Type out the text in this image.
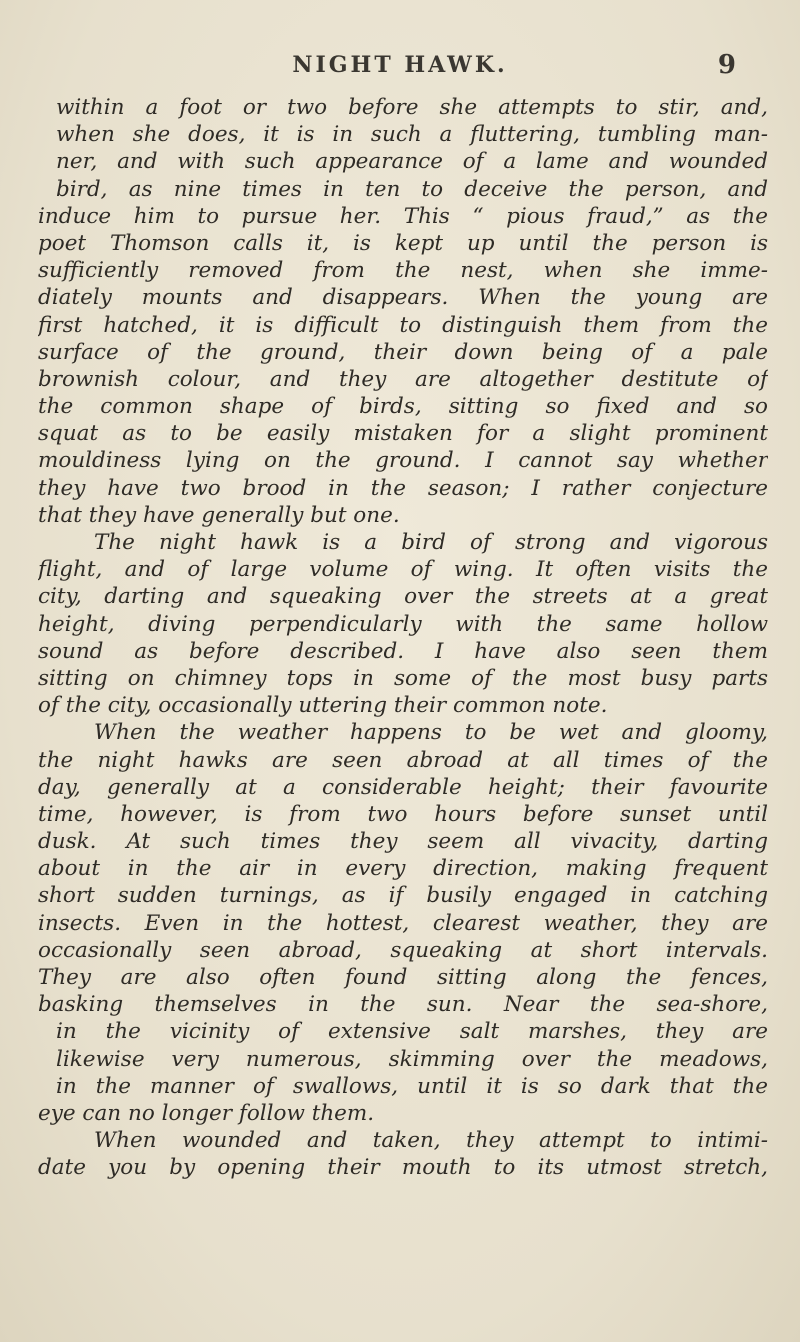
NIGHT HAWK.	9
within a foot or two before she attempts to stir, and,
when she does, it is in such a fluttering, tumbling man-
ner, and with such appearance of a lame and wounded
bird, as nine times in ten to deceive the person, and
induce him to pursue her. This “ pious fraud,” as the
poet Thomson calls it, is kept up until the person is
sufficiently removed from the nest, when she imme-
diately mounts and disappears. When the young are
first hatched, it is difficult to distinguish them from the
surface of the ground, their down being of a pale
brownish colour, and they are altogether destitute of
the common shape of birds, sitting so fixed and so
squat as to be easily mistaken for a slight prominent
mouldiness lying on the ground. I cannot say whether
they have two brood in the season; I rather conjecture
that they have generally but one.
The night hawk is a bird of strong and vigorous
flight, and of large volume of wing. It often visits the
city, darting and squeaking over the streets at a great
height, diving perpendicularly with the same hollow
sound as before described. I have also seen them
sitting on chimney tops in some of the most busy parts
of the city, occasionally uttering their common note.
When the weather happens to be wet and gloomy,
the night hawks are seen abroad at all times of the
day, generally at a considerable height; their favourite
time, however, is from two hours before sunset until
dusk. At such times they seem all vivacity, darting
about in the air in every direction, making frequent
short sudden turnings, as if busily engaged in catching
insects. Even in the hottest, clearest weather, they are
occasionally seen abroad, squeaking at short intervals.
They are also often found sitting along the fences,
basking themselves in the sun. Near the sea-shore,
in the vicinity of extensive salt marshes, they are
likewise very numerous, skimming over the meadows,
in the manner of swallows, until it is so dark that the
eye can no longer follow them.
When wounded and taken, they attempt to intimi-
date you by opening their mouth to its utmost stretch,
